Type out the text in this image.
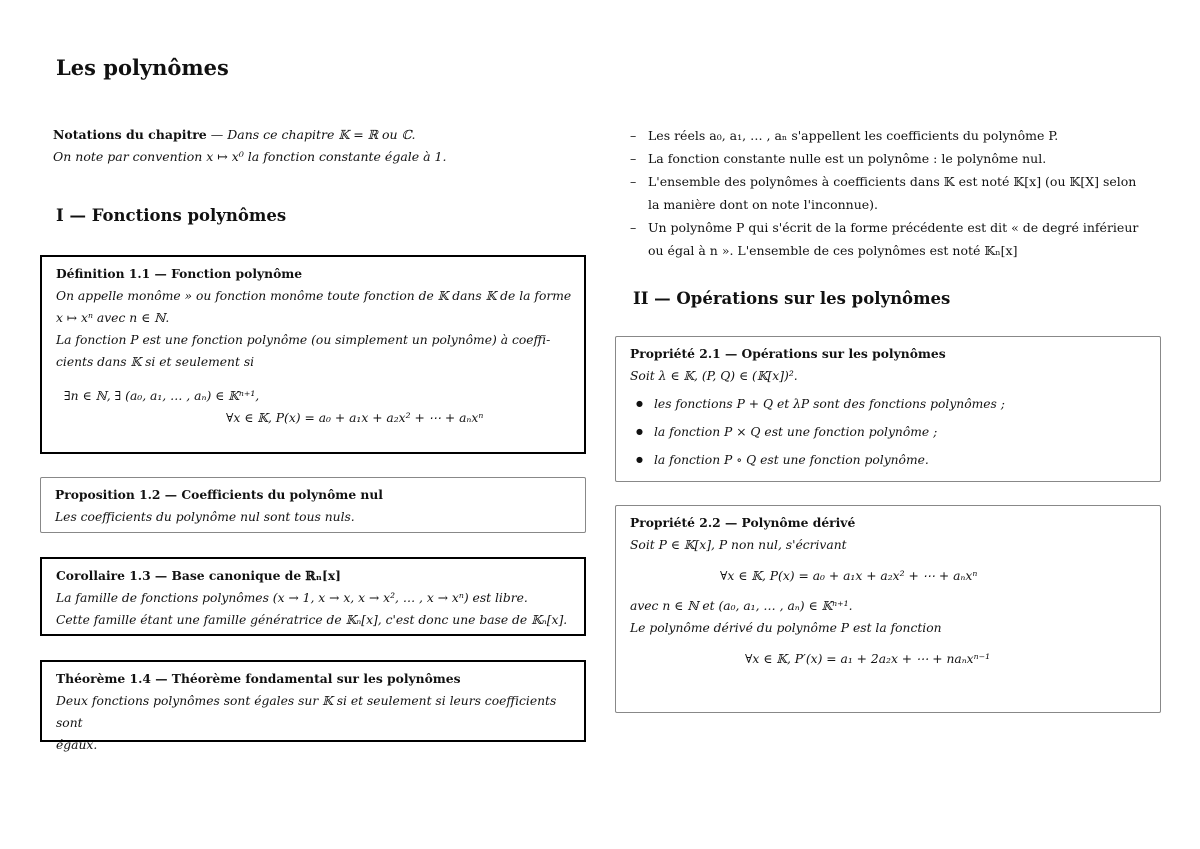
Les polynômes
Notations du chapitre — Dans ce chapitre 𝕂 = ℝ ou ℂ.
On note par convention x ↦ x⁰ la fonction constante égale à 1.
I — Fonctions polynômes
Définition 1.1 — Fonction polynôme
On appelle monôme » ou fonction monôme toute fonction de 𝕂 dans 𝕂 de la forme
x ↦ xⁿ avec n ∈ ℕ.
La fonction P est une fonction polynôme (ou simplement un polynôme) à coeffi-
cients dans 𝕂 si et seulement si
∃n ∈ ℕ, ∃ (a₀, a₁, … , aₙ) ∈ 𝕂ⁿ⁺¹,
∀x ∈ 𝕂, P(x) = a₀ + a₁x + a₂x² + ⋯ + aₙxⁿ
Proposition 1.2 — Coefficients du polynôme nul
Les coefficients du polynôme nul sont tous nuls.
Corollaire 1.3 — Base canonique de ℝₙ[x]
La famille de fonctions polynômes (x → 1, x → x, x → x², … , x → xⁿ) est libre.
Cette famille étant une famille génératrice de 𝕂ₙ[x], c'est donc une base de 𝕂ₙ[x].
Théorème 1.4 — Théorème fondamental sur les polynômes
Deux fonctions polynômes sont égales sur 𝕂 si et seulement si leurs coefficients sont
égaux.
– Les réels a₀, a₁, … , aₙ s'appellent les coefficients du polynôme P.
– La fonction constante nulle est un polynôme : le polynôme nul.
– L'ensemble des polynômes à coefficients dans 𝕂 est noté 𝕂[x] (ou 𝕂[X] selon la manière dont on note l'inconnue).
– Un polynôme P qui s'écrit de la forme précédente est dit « de degré inférieur ou égal à n ». L'ensemble de ces polynômes est noté 𝕂ₙ[x]
II — Opérations sur les polynômes
Propriété 2.1 — Opérations sur les polynômes
Soit λ ∈ 𝕂, (P, Q) ∈ (𝕂[x])².
● les fonctions P + Q et λP sont des fonctions polynômes ;
● la fonction P × Q est une fonction polynôme ;
● la fonction P ∘ Q est une fonction polynôme.
Propriété 2.2 — Polynôme dérivé
Soit P ∈ 𝕂[x], P non nul, s'écrivant
∀x ∈ 𝕂, P(x) = a₀ + a₁x + a₂x² + ⋯ + aₙxⁿ
avec n ∈ ℕ et (a₀, a₁, … , aₙ) ∈ 𝕂ⁿ⁺¹.
Le polynôme dérivé du polynôme P est la fonction
∀x ∈ 𝕂, P′(x) = a₁ + 2a₂x + ⋯ + naₙxⁿ⁻¹
